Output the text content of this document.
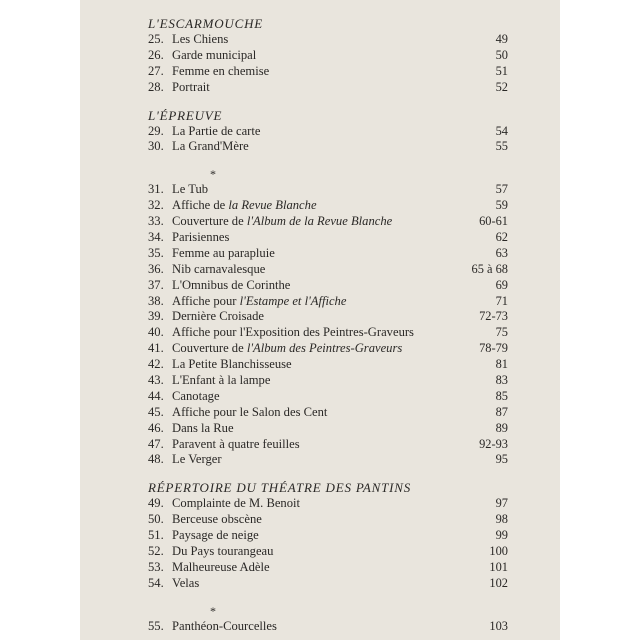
L'ESCARMOUCHE
25. Les Chiens	49
26. Garde municipal	50
27. Femme en chemise	51
28. Portrait	52
L'ÉPREUVE
29. La Partie de carte	54
30. La Grand'Mère	55
*
31. Le Tub	57
32. Affiche de la Revue Blanche	59
33. Couverture de l'Album de la Revue Blanche	60-61
34. Parisiennes	62
35. Femme au parapluie	63
36. Nib carnavalesque	65 à 68
37. L'Omnibus de Corinthe	69
38. Affiche pour l'Estampe et l'Affiche	71
39. Dernière Croisade	72-73
40. Affiche pour l'Exposition des Peintres-Graveurs	75
41. Couverture de l'Album des Peintres-Graveurs	78-79
42. La Petite Blanchisseuse	81
43. L'Enfant à la lampe	83
44. Canotage	85
45. Affiche pour le Salon des Cent	87
46. Dans la Rue	89
47. Paravent à quatre feuilles	92-93
48. Le Verger	95
RÉPERTOIRE DU THÉATRE DES PANTINS
49. Complainte de M. Benoit	97
50. Berceuse obscène	98
51. Paysage de neige	99
52. Du Pays tourangeau	100
53. Malheureuse Adèle	101
54. Velas	102
*
55. Panthéon-Courcelles	103
